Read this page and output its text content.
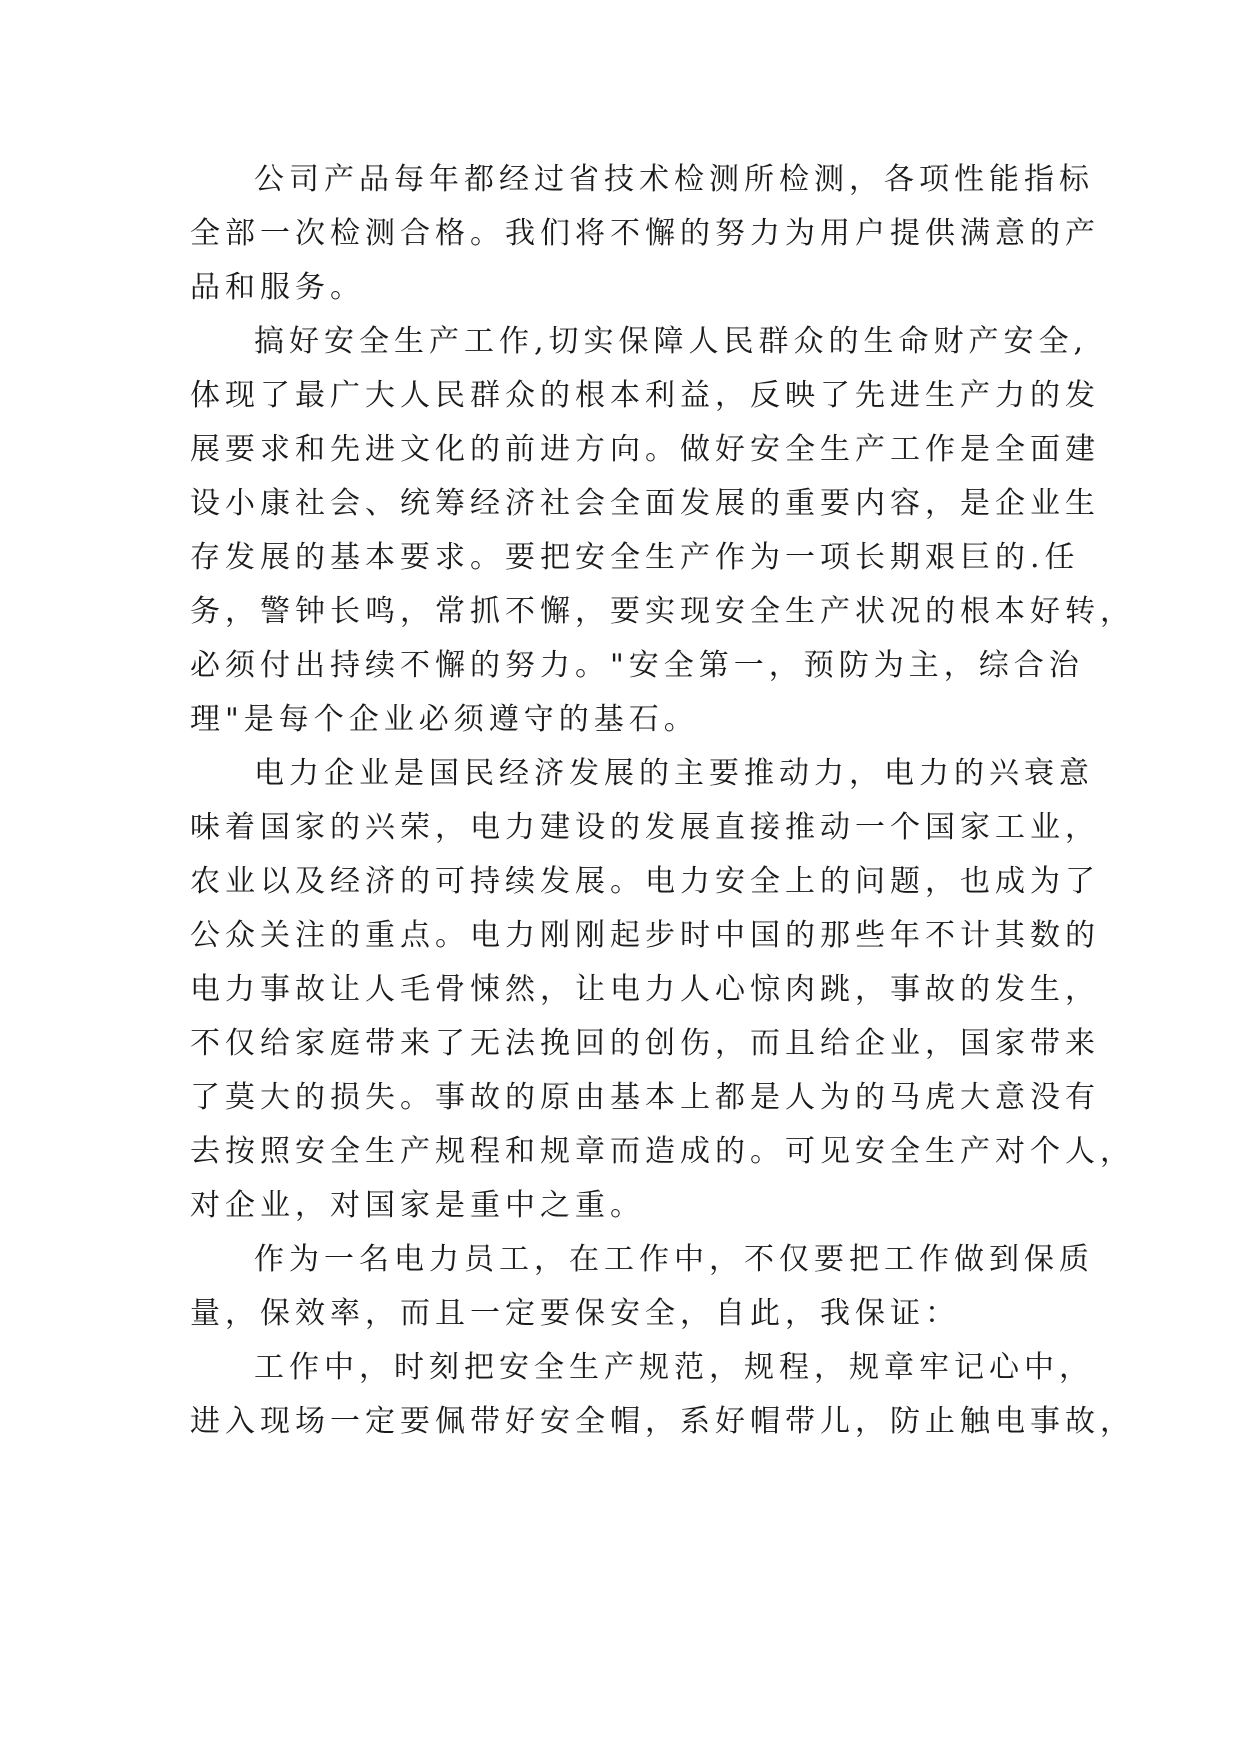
公司产品每年都经过省技术检测所检测，各项性能指标
全部一次检测合格。我们将不懈的努力为用户提供满意的产
品和服务。
搞好安全生产工作,切实保障人民群众的生命财产安全,
体现了最广大人民群众的根本利益，反映了先进生产力的发
展要求和先进文化的前进方向。做好安全生产工作是全面建
设小康社会、统筹经济社会全面发展的重要内容，是企业生
存发展的基本要求。要把安全生产作为一项长期艰巨的.任
务，警钟长鸣，常抓不懈，要实现安全生产状况的根本好转，
必须付出持续不懈的努力。"安全第一，预防为主，综合治
理"是每个企业必须遵守的基石。
电力企业是国民经济发展的主要推动力，电力的兴衰意
味着国家的兴荣，电力建设的发展直接推动一个国家工业，
农业以及经济的可持续发展。电力安全上的问题，也成为了
公众关注的重点。电力刚刚起步时中国的那些年不计其数的
电力事故让人毛骨悚然，让电力人心惊肉跳，事故的发生，
不仅给家庭带来了无法挽回的创伤，而且给企业，国家带来
了莫大的损失。事故的原由基本上都是人为的马虎大意没有
去按照安全生产规程和规章而造成的。可见安全生产对个人，
对企业，对国家是重中之重。
作为一名电力员工，在工作中，不仅要把工作做到保质
量，保效率，而且一定要保安全，自此，我保证：
工作中，时刻把安全生产规范，规程，规章牢记心中，
进入现场一定要佩带好安全帽，系好帽带儿，防止触电事故，
